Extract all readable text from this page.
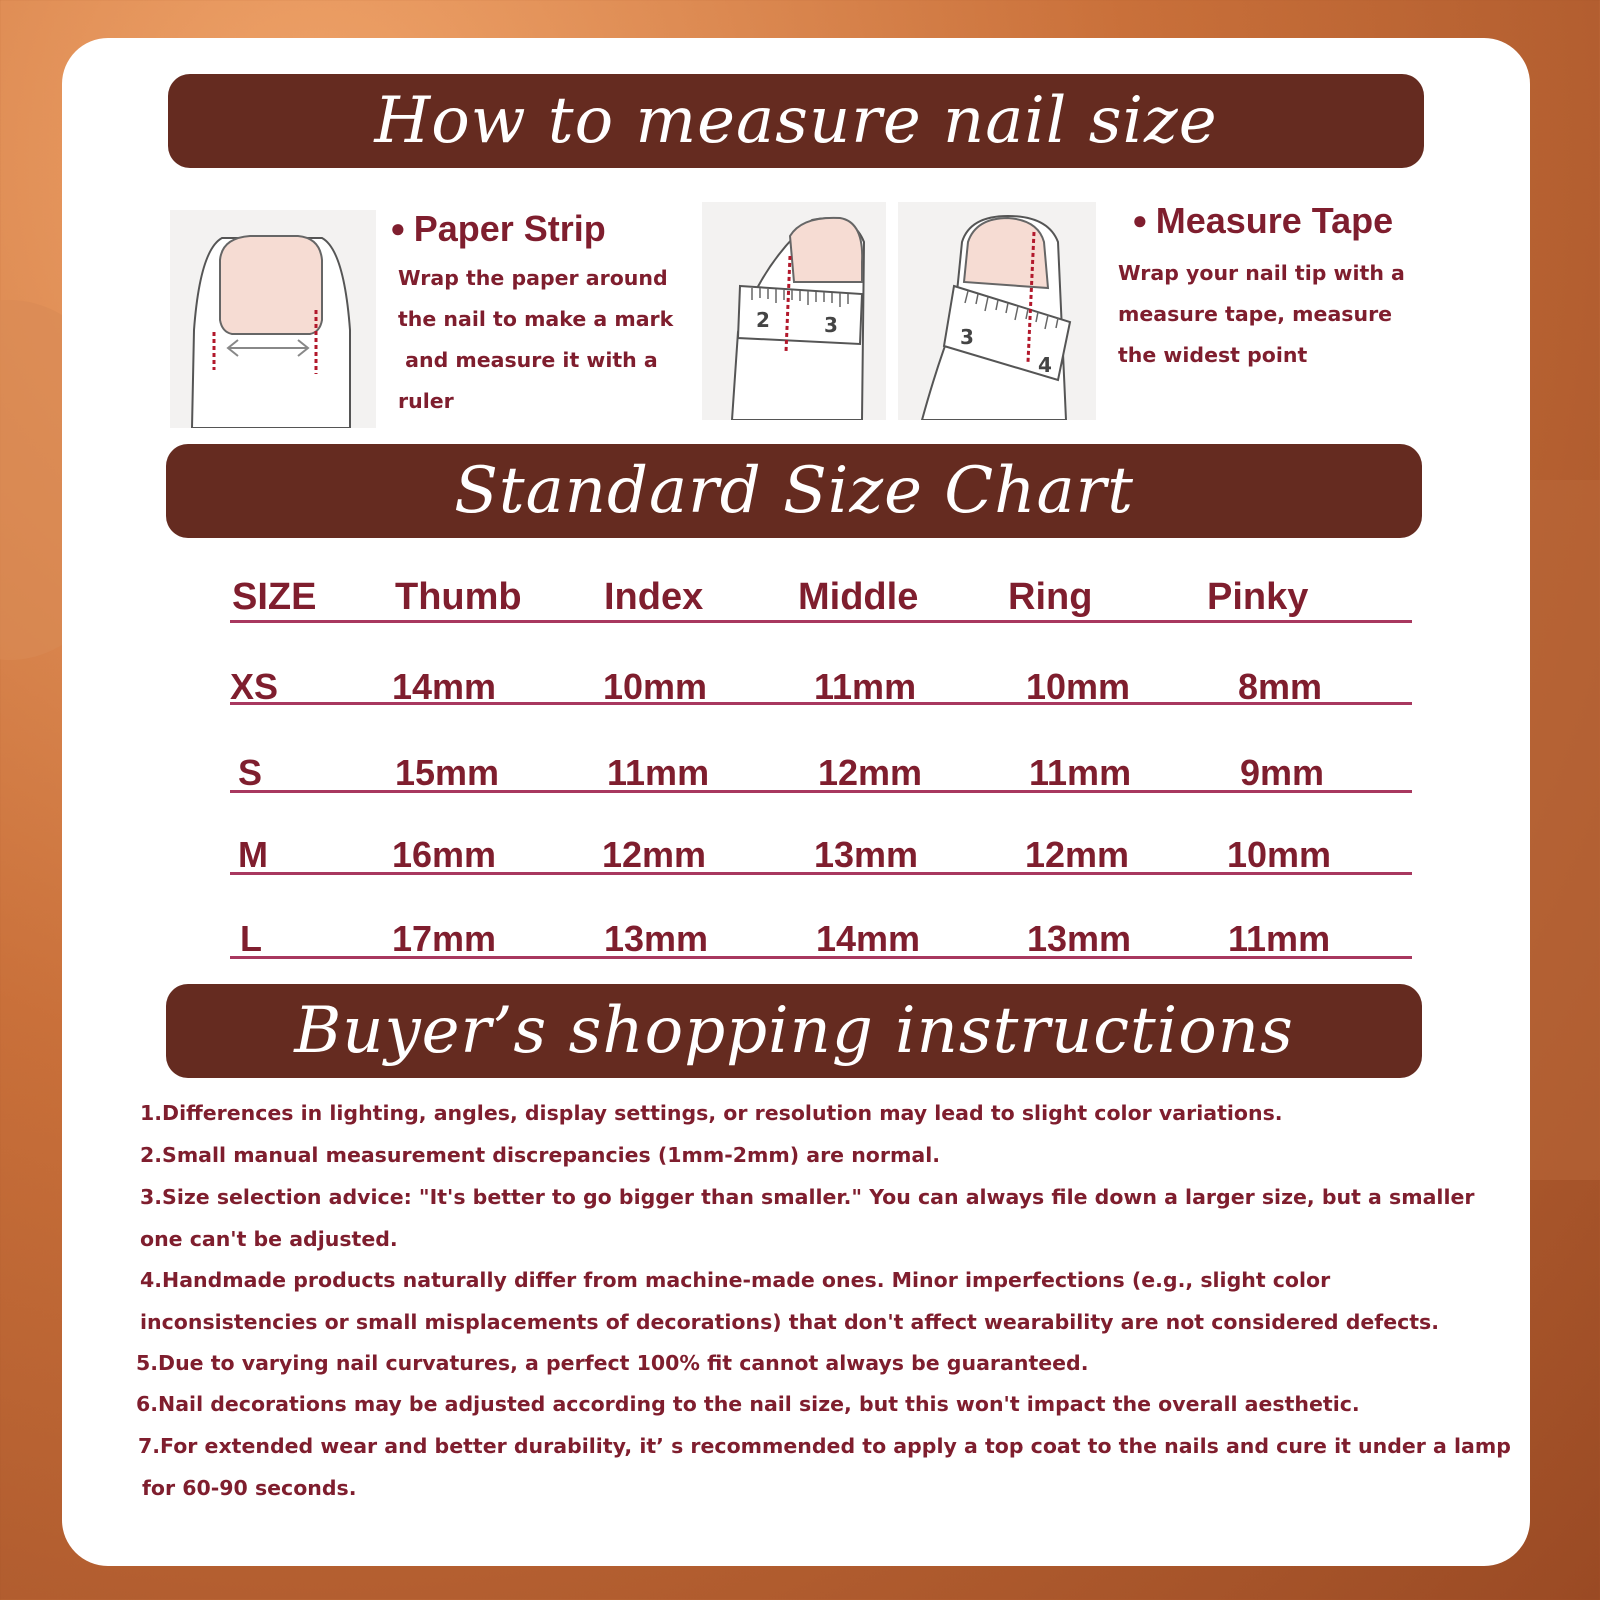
How to measure nail size
● Paper Strip
Wrap the paper around
the nail to make a mark
and measure it with a
ruler
2	3	3
4
● Measure Tape
Wrap your nail tip with a
measure tape, measure
the widest point
Standard Size Chart
SIZE Thumb Index Middle Ring	Pinky
XS	14mm	10mm	11mm	10mm	8mm
S	15mm	11mm	12mm	11mm	9mm
M	16mm	12mm	13mm	12mm	10mm
L	17mm	13mm	14mm	13mm	11mm
Buyer’s shopping instructions
1.Differences in lighting, angles, display settings, or resolution may lead to slight color variations.
2.Small manual measurement discrepancies (1mm-2mm) are normal.
3.Size selection advice: "It's better to go bigger than smaller." You can always file down a larger size, but a smaller
one can't be adjusted.
4.Handmade products naturally differ from machine-made ones. Minor imperfections (e.g., slight color
inconsistencies or small misplacements of decorations) that don't affect wearability are not considered defects.
5.Due to varying nail curvatures, a perfect 100% fit cannot always be guaranteed.
6.Nail decorations may be adjusted according to the nail size, but this won't impact the overall aesthetic.
7.For extended wear and better durability, it’ s recommended to apply a top coat to the nails and cure it under a lamp
for 60-90 seconds.
